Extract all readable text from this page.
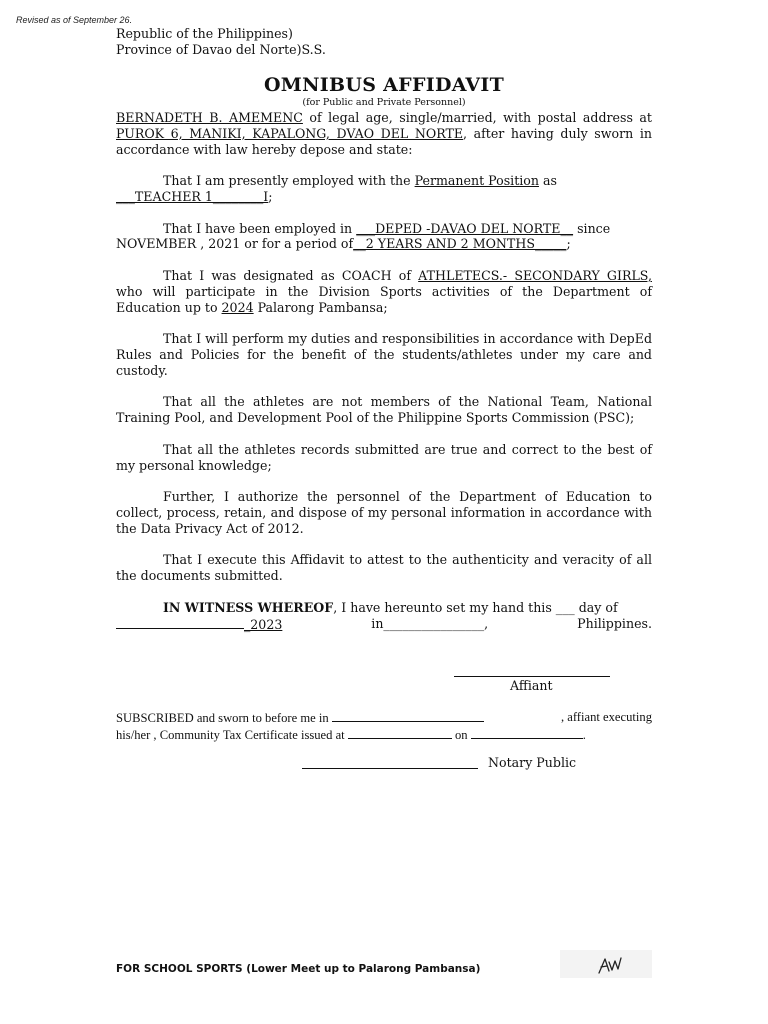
Revised as of September 26.
Republic of the Philippines)
Province of Davao del Norte)S.S.
OMNIBUS AFFIDAVIT
(for Public and Private Personnel)

BERNADETH B. AMEMENC of legal age, single/married, with postal address at PUROK 6, MANIKI, KAPALONG, DVAO DEL NORTE, after having duly sworn in accordance with law hereby depose and state:

That I am presently employed with the Permanent Position as
___TEACHER 1________I;

That I have been employed in ___DEPED -DAVAO DEL NORTE__ since
NOVEMBER , 2021 or for a period of__2 YEARS AND 2 MONTHS_____;

That I was designated as COACH of ATHLETECS.- SECONDARY GIRLS, who will participate in the Division Sports activities of the Department of Education up to 2024 Palarong Pambansa;

That I will perform my duties and responsibilities in accordance with DepEd Rules and Policies for the benefit of the students/athletes under my care and custody.

That all the athletes are not members of the National Team, National Training Pool, and Development Pool of the Philippine Sports Commission (PSC);

That all the athletes records submitted are true and correct to the best of my personal knowledge;

Further, I authorize the personnel of the Department of Education to collect, process, retain, and dispose of my personal information in accordance with the Data Privacy Act of 2012.

That I execute this Affidavit to attest to the authenticity and veracity of all the documents submitted.

IN WITNESS WHEREOF, I have hereunto set my hand this ___ day of

_2023	in________________,	Philippines.
Affiant
SUBSCRIBED and sworn to before me in	, affiant executing
his/her , Community Tax Certificate issued at	on	.
Notary Public
FOR SCHOOL SPORTS (Lower Meet up to Palarong Pambansa)
